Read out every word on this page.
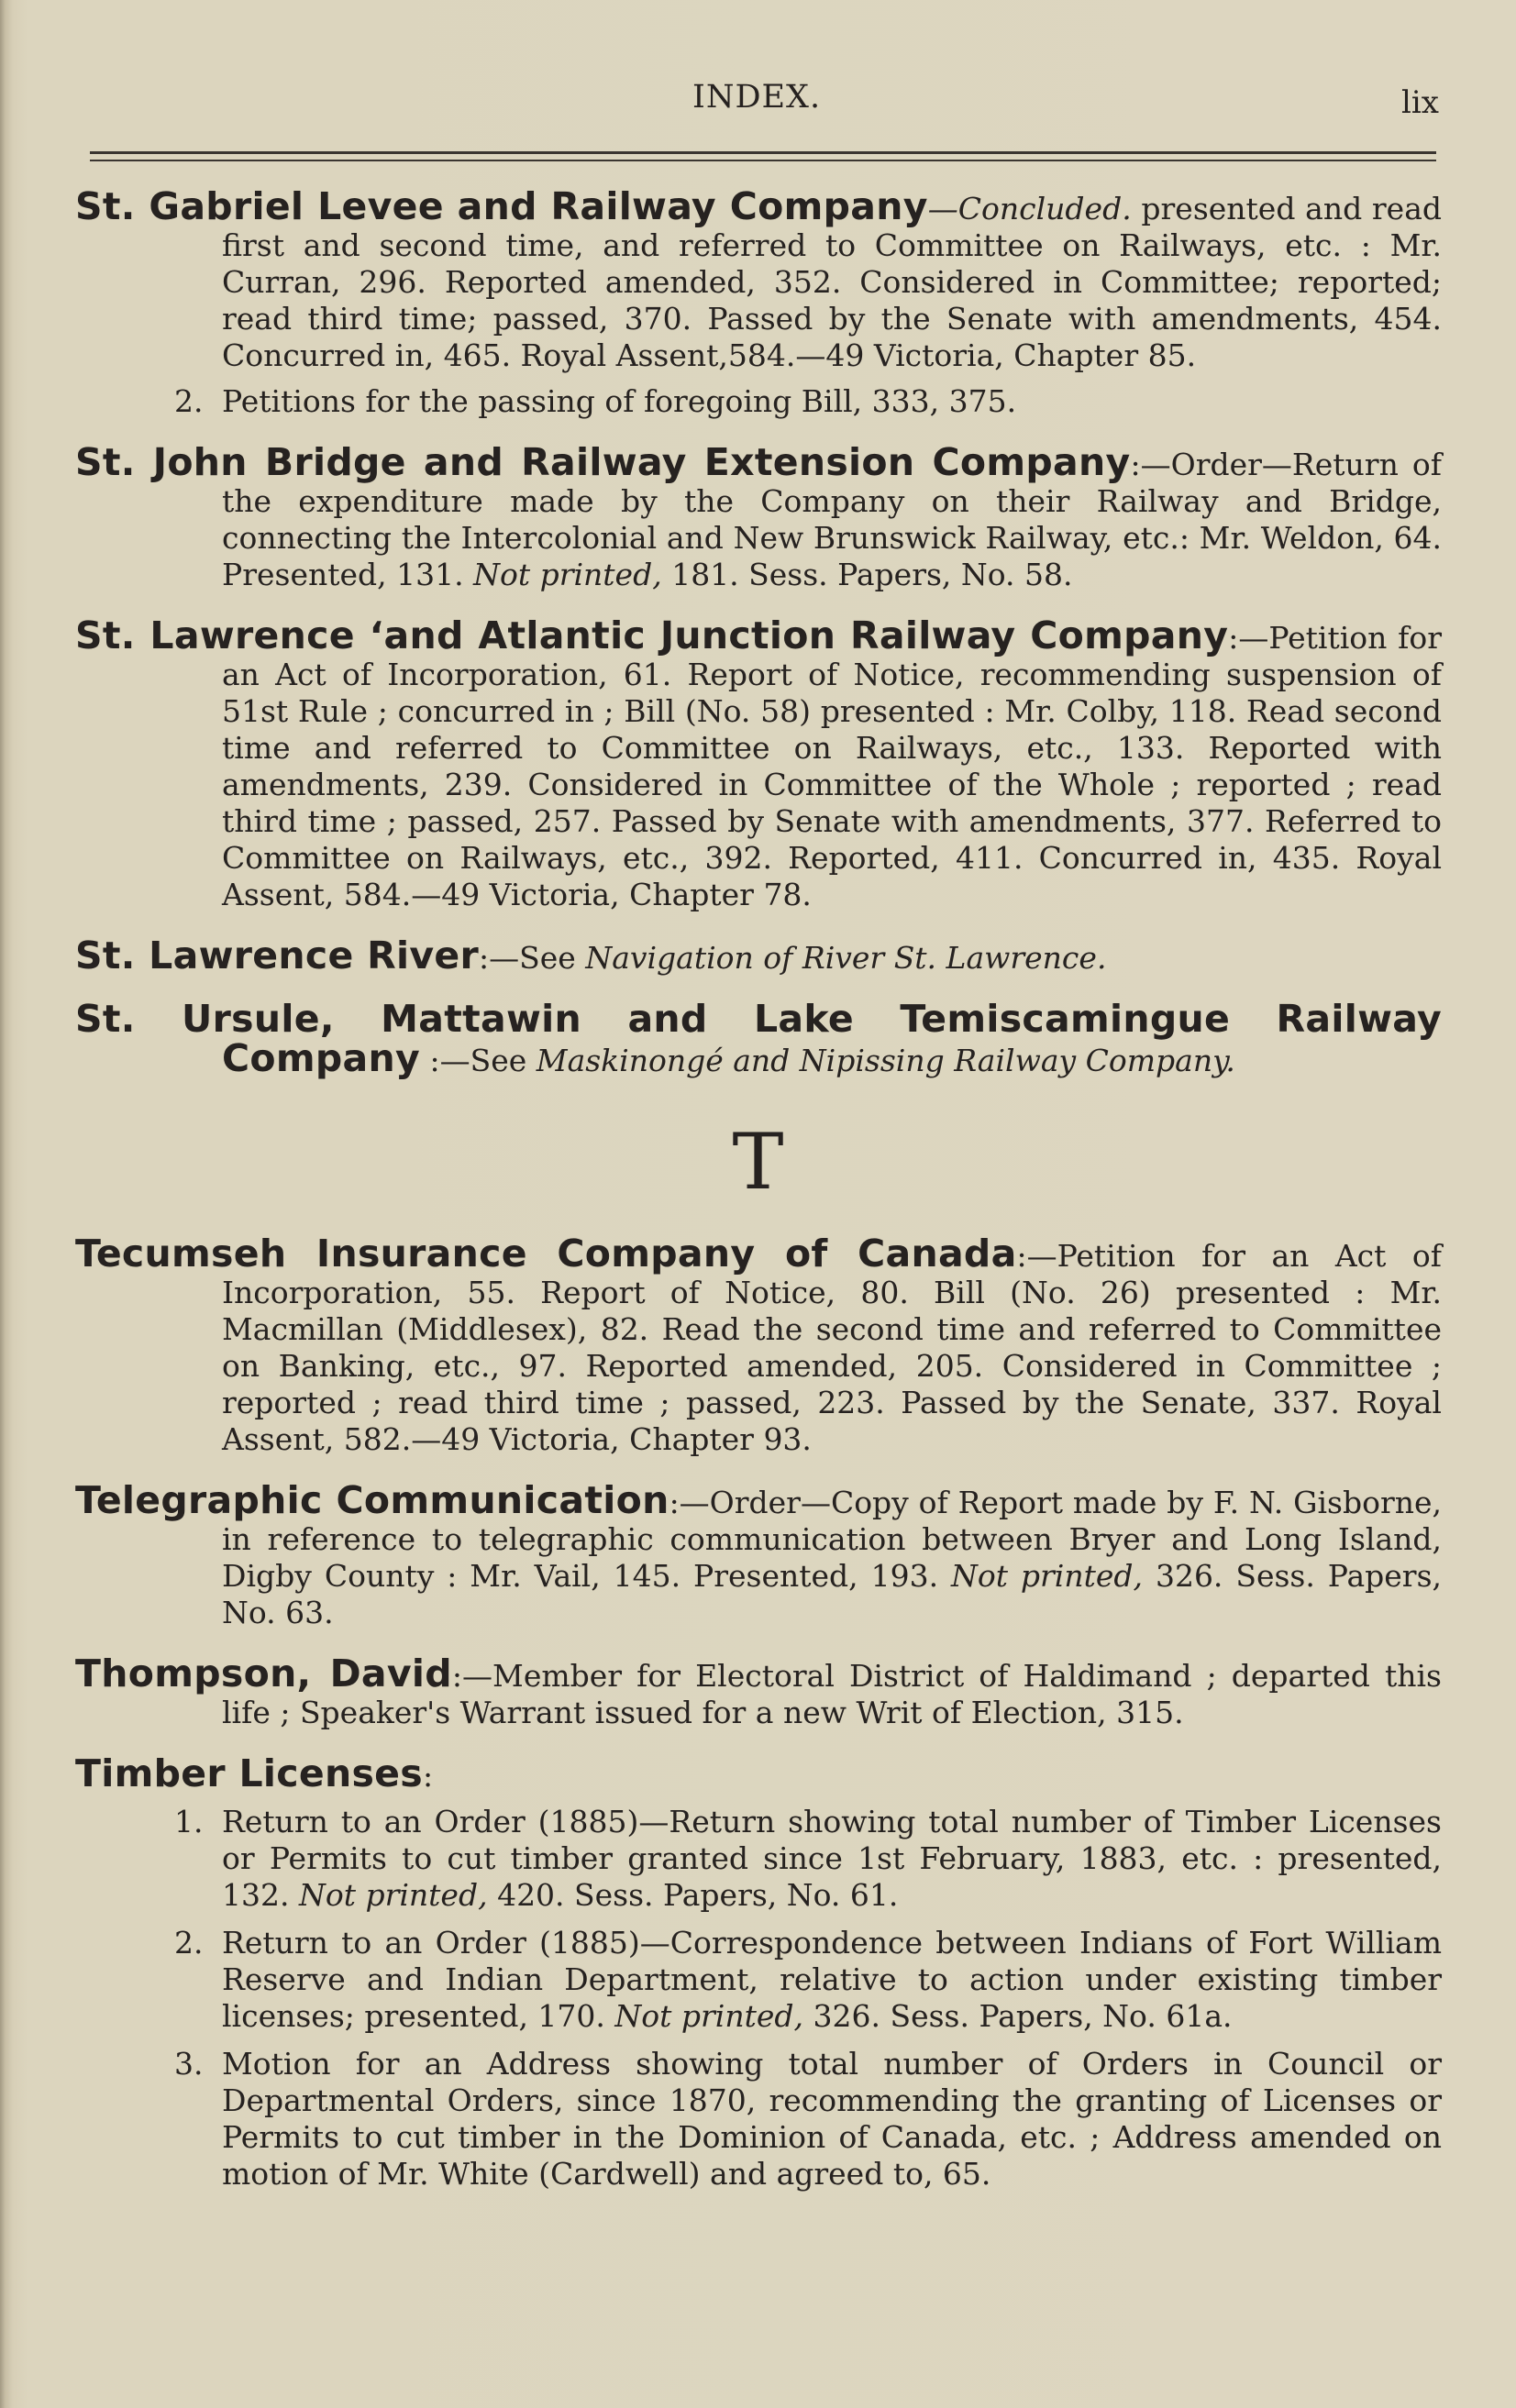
INDEX.	lix
St. Gabriel Levee and Railway Company—Concluded. presented and read first and second time, and referred to Committee on Railways, etc. : Mr. Curran, 296. Reported amended, 352. Considered in Committee; reported; read third time; passed, 370. Passed by the Senate with amendments, 454. Concurred in, 465. Royal Assent,584.—49 Victoria, Chapter 85.
2. Petitions for the passing of foregoing Bill, 333, 375.
St. John Bridge and Railway Extension Company:—Order—Return of the expenditure made by the Company on their Railway and Bridge, connecting the Intercolonial and New Brunswick Railway, etc.: Mr. Weldon, 64. Presented, 131. Not printed, 181. Sess. Papers, No. 58.
St. Lawrence ‘and Atlantic Junction Railway Company:—Petition for an Act of Incorporation, 61. Report of Notice, recommending suspension of 51st Rule ; concurred in ; Bill (No. 58) presented : Mr. Colby, 118. Read second time and referred to Committee on Railways, etc., 133. Reported with amendments, 239. Considered in Committee of the Whole ; reported ; read third time ; passed, 257. Passed by Senate with amendments, 377. Referred to Committee on Railways, etc., 392. Reported, 411. Concurred in, 435. Royal Assent, 584.—49 Victoria, Chapter 78.
St. Lawrence River:—See Navigation of River St. Lawrence.
St. Ursule, Mattawin and Lake Temiscamingue Railway Company :—See Maskinongé and Nipissing Railway Company.
T
Tecumseh Insurance Company of Canada:—Petition for an Act of Incorporation, 55. Report of Notice, 80. Bill (No. 26) presented : Mr. Macmillan (Middlesex), 82. Read the second time and referred to Committee on Banking, etc., 97. Reported amended, 205. Considered in Committee ; reported ; read third time ; passed, 223. Passed by the Senate, 337. Royal Assent, 582.—49 Victoria, Chapter 93.
Telegraphic Communication:—Order—Copy of Report made by F. N. Gisborne, in reference to telegraphic communication between Bryer and Long Island, Digby County : Mr. Vail, 145. Presented, 193. Not printed, 326. Sess. Papers, No. 63.
Thompson, David:—Member for Electoral District of Haldimand ; departed this life ; Speaker's Warrant issued for a new Writ of Election, 315.
Timber Licenses:
1. Return to an Order (1885)—Return showing total number of Timber Licenses or Permits to cut timber granted since 1st February, 1883, etc. : presented, 132. Not printed, 420. Sess. Papers, No. 61.
2. Return to an Order (1885)—Correspondence between Indians of Fort William Reserve and Indian Department, relative to action under existing timber licenses; presented, 170. Not printed, 326. Sess. Papers, No. 61a.
3. Motion for an Address showing total number of Orders in Council or Departmental Orders, since 1870, recommending the granting of Licenses or Permits to cut timber in the Dominion of Canada, etc. ; Address amended on motion of Mr. White (Cardwell) and agreed to, 65.
